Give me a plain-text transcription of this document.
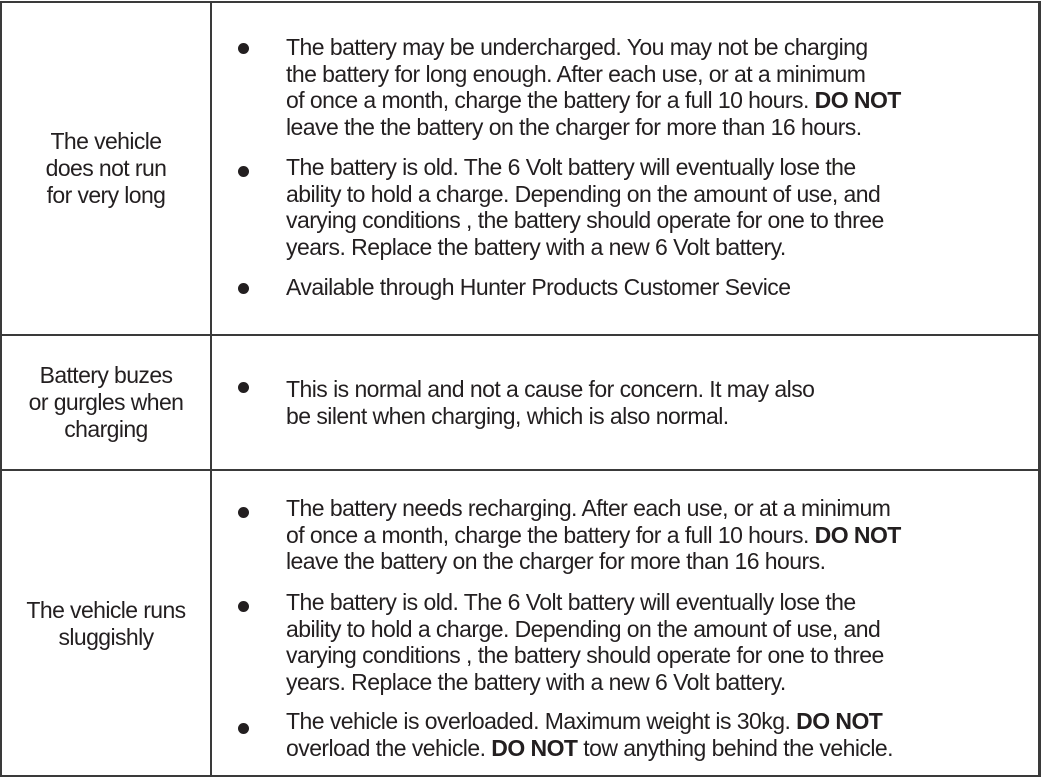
The vehicle
does not run
for very long
The battery may be undercharged. You may not be charging
the battery for long enough. After each use, or at a minimum
of once a month, charge the battery for a full 10 hours. DO NOT
leave the the battery on the charger for more than 16 hours.
The battery is old. The 6 Volt battery will eventually lose the
ability to hold a charge. Depending on the amount of use, and
varying conditions , the battery should operate for one to three
years. Replace the battery with a new 6 Volt battery.
Available through Hunter Products Customer Sevice
Battery buzes
or gurgles when
charging
This is normal and not a cause for concern. It may also
be silent when charging, which is also normal.
The vehicle runs
sluggishly
The battery needs recharging. After each use, or at a minimum
of once a month, charge the battery for a full 10 hours. DO NOT
leave the battery on the charger for more than 16 hours.
The battery is old. The 6 Volt battery will eventually lose the
ability to hold a charge. Depending on the amount of use, and
varying conditions , the battery should operate for one to three
years. Replace the battery with a new 6 Volt battery.
The vehicle is overloaded. Maximum weight is 30kg. DO NOT
overload the vehicle. DO NOT tow anything behind the vehicle.
